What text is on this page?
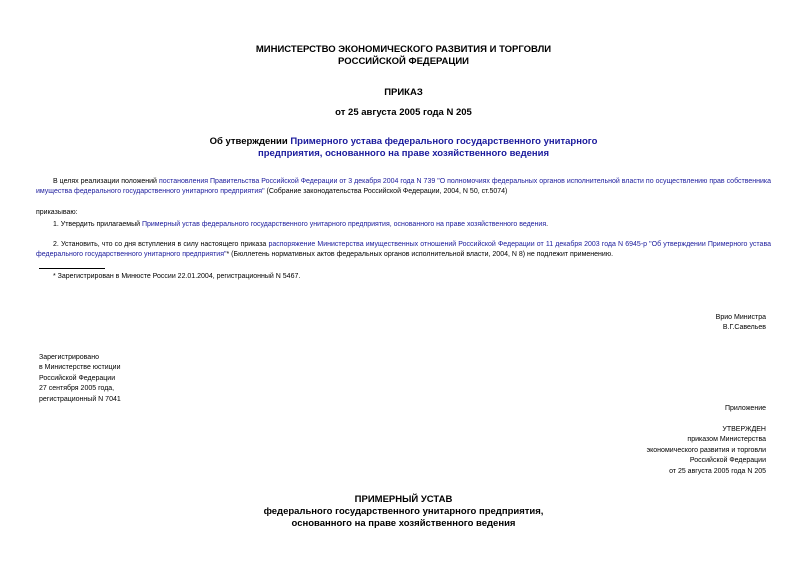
МИНИСТЕРСТВО ЭКОНОМИЧЕСКОГО РАЗВИТИЯ И ТОРГОВЛИ
РОССИЙСКОЙ ФЕДЕРАЦИИ
ПРИКАЗ
от 25 августа 2005 года N 205
Об утверждении Примерного устава федерального государственного унитарного
предприятия, основанного на праве хозяйственного ведения
В целях реализации положений постановления Правительства Российской Федерации от 3 декабря 2004 года N 739 "О полномочиях федеральных органов исполнительной власти по осуществлению прав собственника имущества федерального государственного унитарного предприятия" (Собрание законодательства Российской Федерации, 2004, N 50, ст.5074)
приказываю:
1. Утвердить прилагаемый Примерный устав федерального государственного унитарного предприятия, основанного на праве хозяйственного ведения.
2. Установить, что со дня вступления в силу настоящего приказа распоряжение Министерства имущественных отношений Российской Федерации от 11 декабря 2003 года N 6945-р "Об утверждении Примерного устава федерального государственного унитарного предприятия"* (Бюллетень нормативных актов федеральных органов исполнительной власти, 2004, N 8) не подлежит применению.
* Зарегистрирован в Минюсте России 22.01.2004, регистрационный N 5467.
Врио Министра
В.Г.Савельев
Зарегистрировано
в Министерстве юстиции
Российской Федерации
27 сентября 2005 года,
регистрационный N 7041
Приложение
УТВЕРЖДЕН
приказом Министерства
экономического развития и торговли
Российской Федерации
от 25 августа 2005 года N 205
ПРИМЕРНЫЙ УСТАВ
федерального государственного унитарного предприятия,
основанного на праве хозяйственного ведения
